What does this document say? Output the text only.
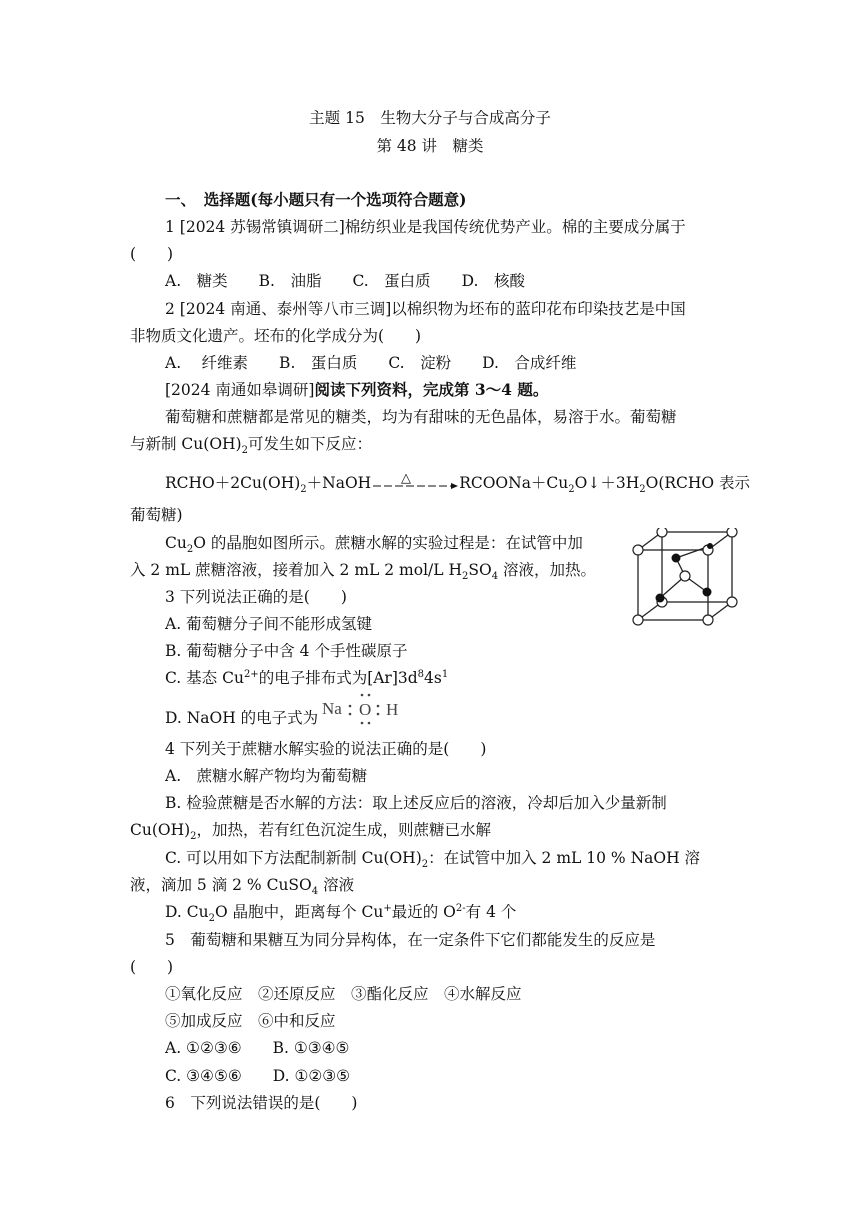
主题 15　生物大分子与合成高分子
第 48 讲　糖类
一、　选择题(每小题只有一个选项符合题意)
1 [2024 苏锡常镇调研二]棉纺织业是我国传统优势产业。棉的主要成分属于
(　　)
A.　糖类　　B.　油脂　　C.　蛋白质　　D.　核酸
2 [2024 南通、泰州等八市三调]以棉织物为坯布的蓝印花布印染技艺是中国
非物质文化遗产。坯布的化学成分为(　　)
A.　 纤维素　　B.　蛋白质　　C.　淀粉　　D.　合成纤维
[2024 南通如皋调研]阅读下列资料，完成第 3～4 题。
葡萄糖和蔗糖都是常见的糖类，均为有甜味的无色晶体，易溶于水。葡萄糖
与新制 $Cu(OH)_2$可发生如下反应：
$RCHO+2Cu(OH)_2+NaOH$ △	$RCOONa+Cu_2O↓+3H_2O(RCHO$ 表示
葡萄糖)
$Cu_2O$ 的晶胞如图所示。蔗糖水解的实验过程是：在试管中加
入 2 mL 蔗糖溶液，接着加入 2 mL 2 mol/L $H_2SO_4$ 溶液，加热。
3 下列说法正确的是(　　)
A. 葡萄糖分子间不能形成氢键
B. 葡萄糖分子中含 4 个手性碳原子
C. 基态 $Cu^{2+}$的电子排布式为$[Ar]3d^84s^1$
D. NaOH 的电子式为 Na O H
4 下列关于蔗糖水解实验的说法正确的是(　　)
A.　蔗糖水解产物均为葡萄糖
B. 检验蔗糖是否水解的方法：取上述反应后的溶液，冷却后加入少量新制
$Cu(OH)_2$，加热，若有红色沉淀生成，则蔗糖已水解
C. 可以用如下方法配制新制 $Cu(OH)_2$：在试管中加入 2 mL 10 % NaOH 溶
液，滴加 5 滴 2 % CuSO$_4$ 溶液
D. $Cu_2O$ 晶胞中，距离每个 Cu+最近的 $O^{2-}$有 4 个
5　葡萄糖和果糖互为同分异构体，在一定条件下它们都能发生的反应是
(　　)
①氧化反应　②还原反应　③酯化反应　④水解反应
⑤加成反应　⑥中和反应
A. ①②③⑥　　B. ①③④⑤
C. ③④⑤⑥　　D. ①②③⑤
6　下列说法错误的是(　　)
